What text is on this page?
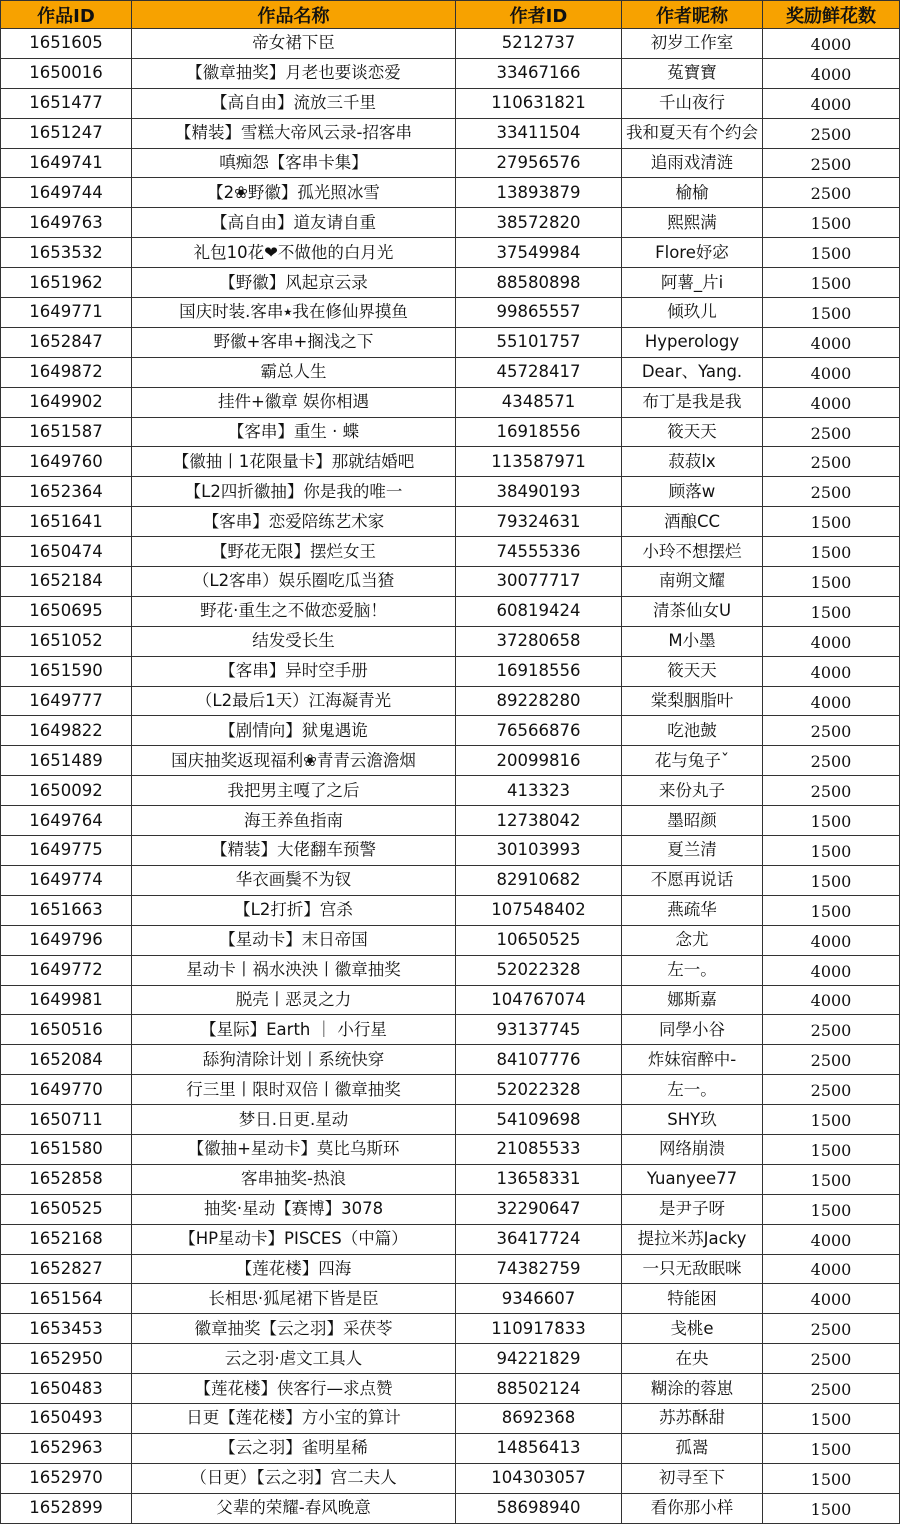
作品ID	作品名称	作者ID	作者昵称	奖励鲜花数
1651605	帝女裙下臣	5212737	初岁工作室	4000
1650016	【徽章抽奖】月老也要谈恋爱	33467166	菟寶寶	4000
1651477	【高自由】流放三千里	110631821	千山夜行	4000
1651247	【精装】雪糕大帝风云录-招客串	33411504	我和夏天有个约会	2500
1649741	嗔痴怨【客串卡集】	27956576	追雨戏清涟	2500
1649744	【2❀野徽】孤光照冰雪	13893879	榆榆	2500
1649763	【高自由】道友请自重	38572820	熙熙满	1500
1653532	礼包10花❤不做他的白月光	37549984	Flore妤宓	1500
1651962	【野徽】风起京云录	88580898	阿薯_片i	1500
1649771	国庆时装.客串⭑我在修仙界摸鱼	99865557	倾玖儿	1500
1652847	野徽+客串+搁浅之下	55101757	Hyperology	4000
1649872	霸总人生	45728417	Dear、Yang.	4000
1649902	挂件+徽章 娱你相遇	4348571	布丁是我是我	4000
1651587	【客串】重生 · 蝶	16918556	筱天天	2500
1649760	【徽抽丨1花限量卡】那就结婚吧	113587971	菽菽lx	2500
1652364	【L2四折徽抽】你是我的唯一	38490193	顾落w	2500
1651641	【客串】恋爱陪练艺术家	79324631	酒酿CC	1500
1650474	【野花无限】摆烂女王	74555336	小玲不想摆烂	1500
1652184	（L2客串）娱乐圈吃瓜当猹	30077717	南朔文耀	1500
1650695	野花·重生之不做恋爱脑！	60819424	清茶仙女U	1500
1651052	结发受长生	37280658	M小墨	4000
1651590	【客串】异时空手册	16918556	筱天天	4000
1649777	（L2最后1天）江海凝青光	89228280	棠梨胭脂叶	4000
1649822	【剧情向】狱鬼遇诡	76566876	吃池皷	2500
1651489	国庆抽奖返现福利❀青青云澹澹烟	20099816	花与兔子ˇ	2500
1650092	我把男主嘎了之后	413323	来份丸子	2500
1649764	海王养鱼指南	12738042	墨昭颜	1500
1649775	【精装】大佬翻车预警	30103993	夏兰清	1500
1649774	华衣画鬓不为钗	82910682	不愿再说话	1500
1651663	【L2打折】宫杀	107548402	燕疏华	1500
1649796	【星动卡】末日帝国	10650525	念尤	4000
1649772	星动卡丨祸水泱泱丨徽章抽奖	52022328	左一。	4000
1649981	脱壳丨恶灵之力	104767074	娜斯嘉	4000
1650516	【星际】Earth ｜ 小行星	93137745	同學小谷	2500
1652084	舔狗清除计划丨系统快穿	84107776	炸妹宿醉中-	2500
1649770	行三里丨限时双倍丨徽章抽奖	52022328	左一。	2500
1650711	梦日.日更.星动	54109698	SHY玖	1500
1651580	【徽抽+星动卡】莫比乌斯环	21085533	网络崩溃	1500
1652858	客串抽奖-热浪	13658331	Yuanyee77	1500
1650525	抽奖·星动【赛博】3078	32290647	是尹子呀	1500
1652168	【HP星动卡】PISCES（中篇）	36417724	提拉米苏Jacky	4000
1652827	【莲花楼】四海	74382759	一只无敌眠咪	4000
1651564	长相思·狐尾裙下皆是臣	9346607	特能困	4000
1653453	徽章抽奖【云之羽】采茯苓	110917833	戋桃e	2500
1652950	云之羽·虐文工具人	94221829	在央	2500
1650483	【莲花楼】侠客行—求点赞	88502124	糊涂的蓉崽	2500
1650493	日更【莲花楼】方小宝的算计	8692368	苏苏酥甜	1500
1652963	【云之羽】雀明星稀	14856413	孤翯	1500
1652970	（日更）【云之羽】宫二夫人	104303057	初寻至下	1500
1652899	父辈的荣耀-春风晚意	58698940	看你那小样	1500
